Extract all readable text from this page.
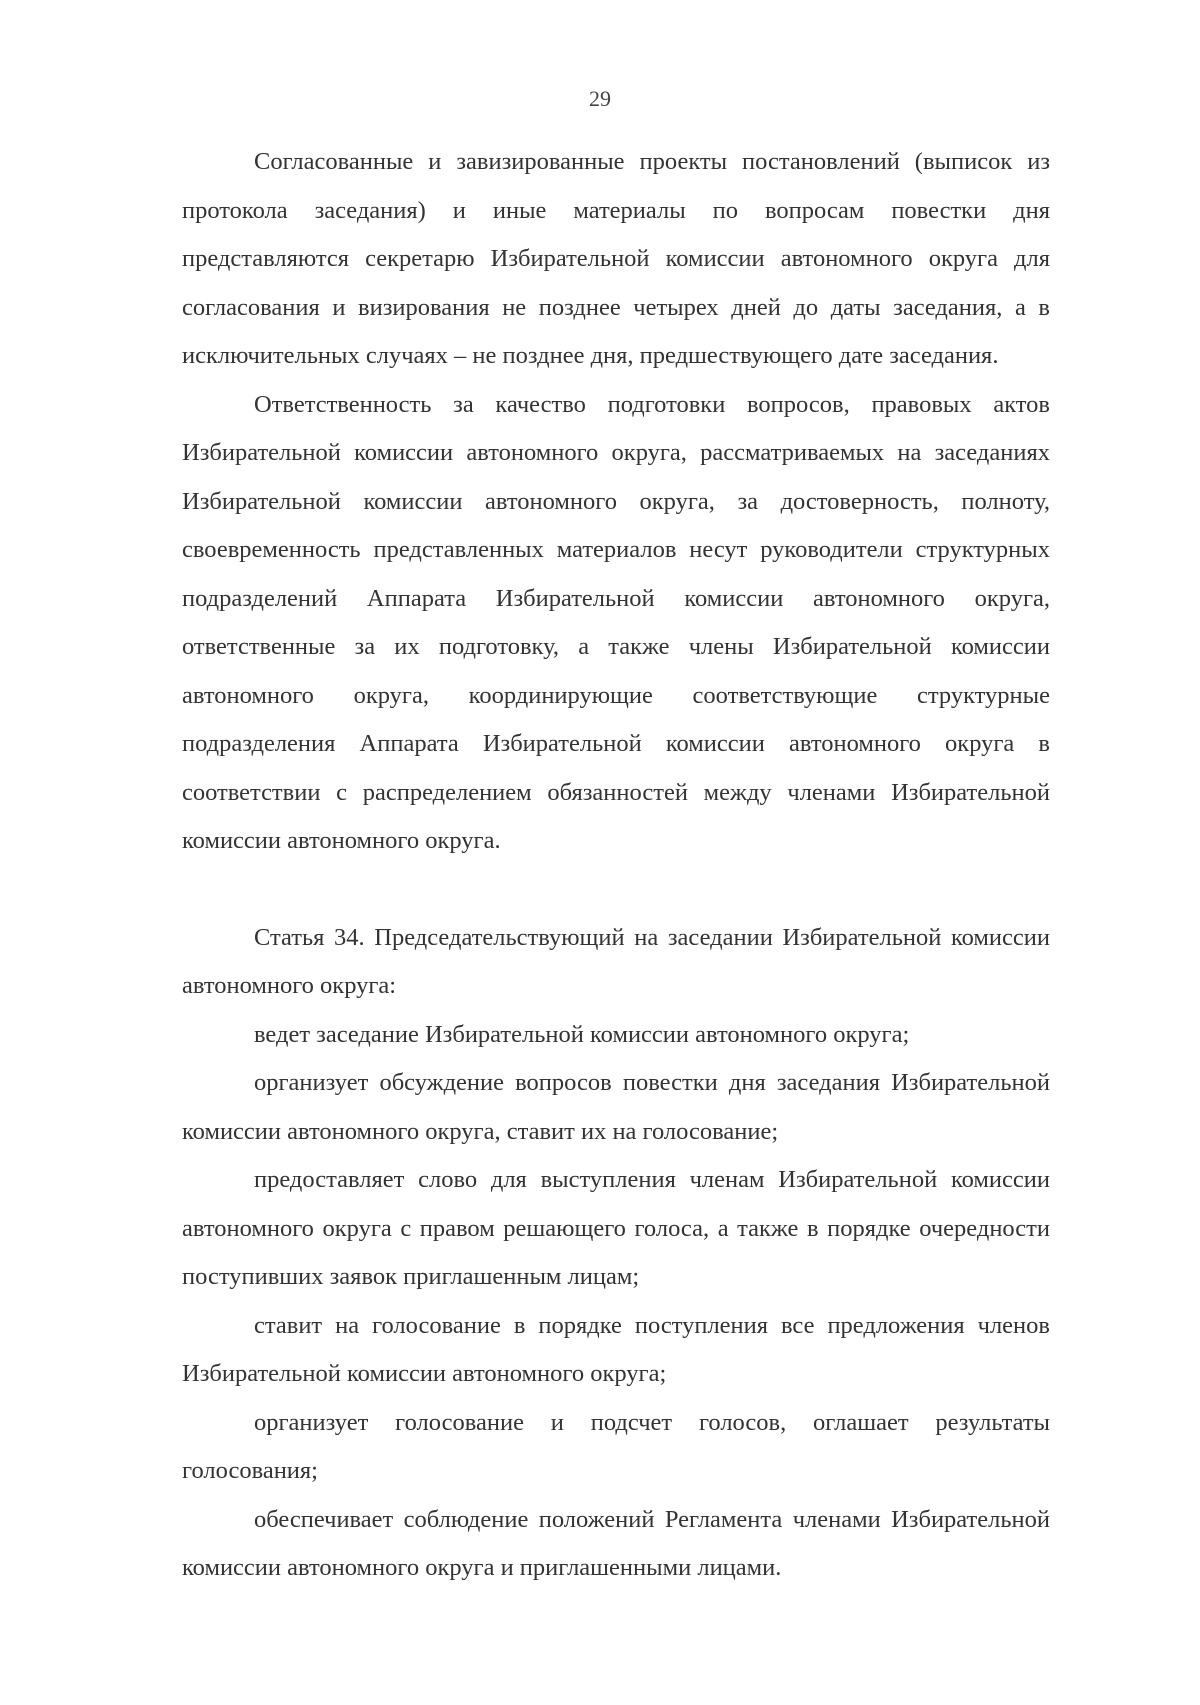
29

Согласованные и завизированные проекты постановлений (выписок из протокола заседания) и иные материалы по вопросам повестки дня представляются секретарю Избирательной комиссии автономного округа для согласования и визирования не позднее четырех дней до даты заседания, а в исключительных случаях – не позднее дня, предшествующего дате заседания.

Ответственность за качество подготовки вопросов, правовых актов Избирательной комиссии автономного округа, рассматриваемых на заседаниях Избирательной комиссии автономного округа, за достоверность, полноту, своевременность представленных материалов несут руководители структурных подразделений Аппарата Избирательной комиссии автономного округа, ответственные за их подготовку, а также члены Избирательной комиссии автономного округа, координирующие соответствующие структурные подразделения Аппарата Избирательной комиссии автономного округа в соответствии с распределением обязанностей между членами Избирательной комиссии автономного округа.

Статья 34. Председательствующий на заседании Избирательной комиссии автономного округа:

ведет заседание Избирательной комиссии автономного округа;

организует обсуждение вопросов повестки дня заседания Избирательной комиссии автономного округа, ставит их на голосование;

предоставляет слово для выступления членам Избирательной комиссии автономного округа с правом решающего голоса, а также в порядке очередности поступивших заявок приглашенным лицам;

ставит на голосование в порядке поступления все предложения членов Избирательной комиссии автономного округа;

организует голосование и подсчет голосов, оглашает результаты голосования;

обеспечивает соблюдение положений Регламента членами Избирательной комиссии автономного округа и приглашенными лицами.
